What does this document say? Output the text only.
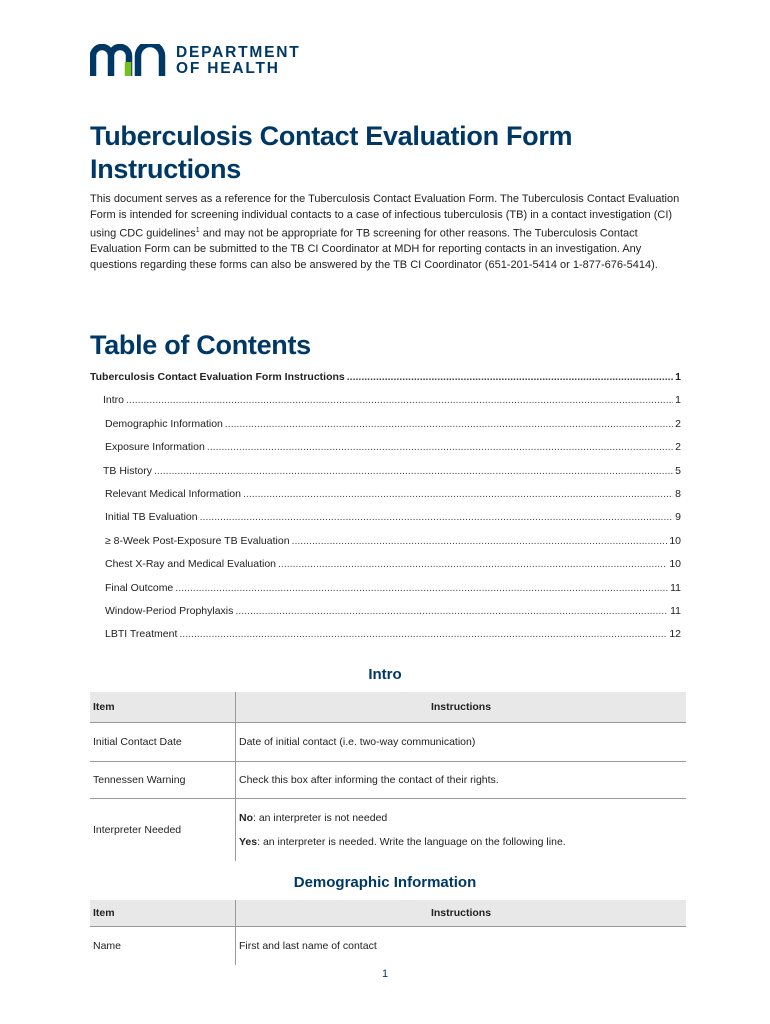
DEPARTMENT
OF HEALTH
Tuberculosis Contact Evaluation Form Instructions

This document serves as a reference for the Tuberculosis Contact Evaluation Form. The Tuberculosis Contact Evaluation Form is intended for screening individual contacts to a case of infectious tuberculosis (TB) in a contact investigation (CI) using CDC guidelines$^1$ and may not be appropriate for TB screening for other reasons. The Tuberculosis Contact Evaluation Form can be submitted to the TB CI Coordinator at MDH for reporting contacts in an investigation. Any questions regarding these forms can also be answered by the TB CI Coordinator (651-201-5414 or 1-877-676-5414).

Table of Contents
Tuberculosis Contact Evaluation Form Instructions .....	1
Intro .....	1
Demographic Information .....	2
Exposure Information .....	2
TB History .....	5
Relevant Medical Information .....	8
Initial TB Evaluation .....	9
≥ 8-Week Post-Exposure TB Evaluation .....	10
Chest X-Ray and Medical Evaluation .....	10
Final Outcome .....	11
Window-Period Prophylaxis .....	11
LBTI Treatment .....	12
Intro
Item	Instructions
Initial Contact Date	Date of initial contact (i.e. two-way communication)
Tennessen Warning	Check this box after informing the contact of their rights.
Interpreter Needed	No: an interpreter is not needed
Yes: an interpreter is needed. Write the language on the following line.
Demographic Information
Item	Instructions
Name	First and last name of contact
1
